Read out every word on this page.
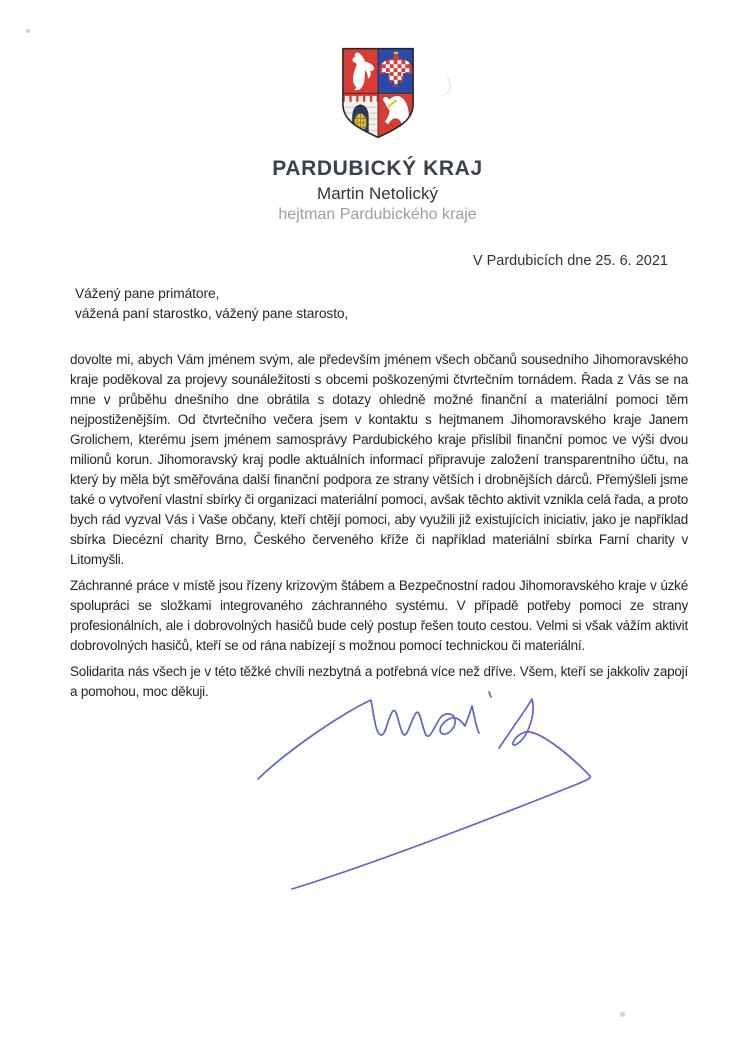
PARDUBICKÝ KRAJ
Martin Netolický
hejtman Pardubického kraje
V Pardubicích dne 25. 6. 2021
Vážený pane primátore,
vážená paní starostko, vážený pane starosto,

dovolte mi, abych Vám jménem svým, ale především jménem všech občanů sousedního Jihomoravského kraje poděkoval za projevy sounáležitosti s obcemi poškozenými čtvrtečním tornádem. Řada z Vás se na mne v průběhu dnešního dne obrátila s dotazy ohledně možné finanční a materiální pomoci těm nejpostiženějším. Od čtvrtečního večera jsem v kontaktu s hejtmanem Jihomoravského kraje Janem Grolichem, kterému jsem jménem samosprávy Pardubického kraje přislíbil finanční pomoc ve výši dvou milionů korun. Jihomoravský kraj podle aktuálních informací připravuje založení transparentního účtu, na který by měla být směřována další finanční podpora ze strany větších i drobnějších dárců. Přemýšleli jsme také o vytvoření vlastní sbírky či organizaci materiální pomoci, avšak těchto aktivit vznikla celá řada, a proto bych rád vyzval Vás i Vaše občany, kteří chtějí pomoci, aby využili již existujících iniciativ, jako je například sbírka Diecézní charity Brno, Českého červeného kříže či například materiální sbírka Farní charity v Litomyšli.

Záchranné práce v místě jsou řízeny krizovým štábem a Bezpečnostní radou Jihomoravského kraje v úzké spolupráci se složkami integrovaného záchranného systému. V případě potřeby pomoci ze strany profesionálních, ale i dobrovolných hasičů bude celý postup řešen touto cestou. Velmi si však vážím aktivit dobrovolných hasičů, kteří se od rána nabízejí s možnou pomocí technickou či materiální.

Solidarita nás všech je v této těžké chvíli nezbytná a potřebná více než dříve. Všem, kteří se jakkoliv zapojí a pomohou, moc děkuji.
